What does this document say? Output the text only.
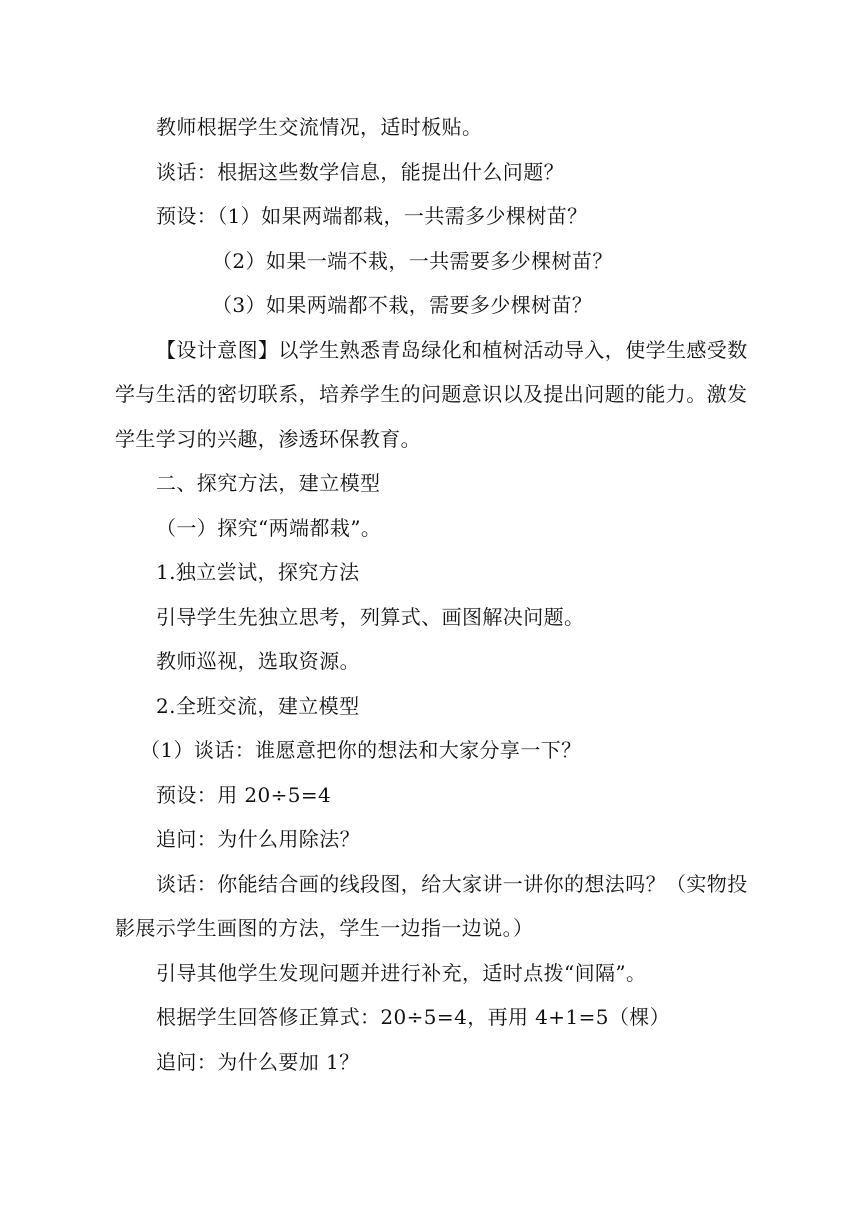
教师根据学生交流情况，适时板贴。
谈话：根据这些数学信息，能提出什么问题？
预设：（1）如果两端都栽，一共需多少棵树苗？
（2）如果一端不栽，一共需要多少棵树苗？
（3）如果两端都不栽，需要多少棵树苗？
【设计意图】以学生熟悉青岛绿化和植树活动导入，使学生感受数
学与生活的密切联系，培养学生的问题意识以及提出问题的能力。激发
学生学习的兴趣，渗透环保教育。
二、探究方法，建立模型
（一）探究“两端都栽”。
1.独立尝试，探究方法
引导学生先独立思考，列算式、画图解决问题。
教师巡视，选取资源。
2.全班交流，建立模型
（1）谈话：谁愿意把你的想法和大家分享一下？
预设：用 20÷5=4
追问：为什么用除法？
谈话：你能结合画的线段图，给大家讲一讲你的想法吗？（实物投
影展示学生画图的方法，学生一边指一边说。）
引导其他学生发现问题并进行补充，适时点拨“间隔”。
根据学生回答修正算式：20÷5=4，再用 4+1=5（棵）
追问：为什么要加 1？
